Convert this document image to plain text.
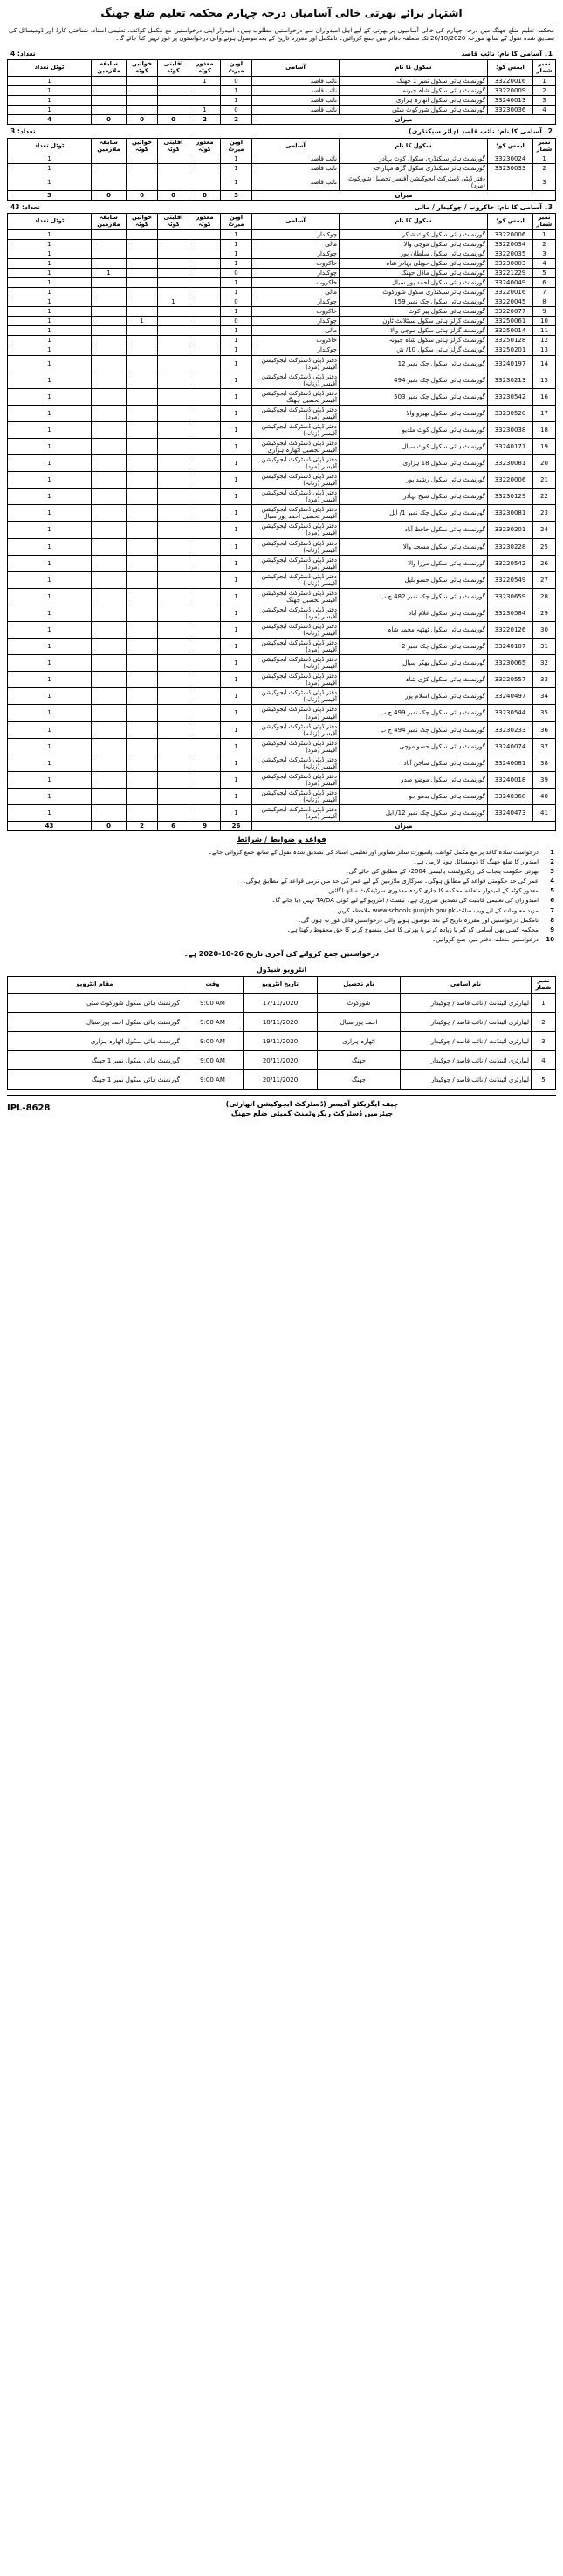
اشتہار برائے بھرتی خالی آسامیاں درجہ چہارم محکمہ تعلیم ضلع جھنگ
محکمہ تعلیم ضلع جھنگ میں درجہ چہارم کی خالی آسامیوں پر بھرتی کے لیے اہل امیدواران سے درخواستیں مطلوب ہیں۔ امیدوار اپنی درخواستیں مع مکمل کوائف، تعلیمی اسناد، شناختی کارڈ اور ڈومیسائل کی تصدیق شدہ نقول کے ساتھ مورخہ 26/10/2020 تک متعلقہ دفاتر میں جمع کروائیں۔ نامکمل اور مقررہ تاریخ کے بعد موصول ہونے والی درخواستوں پر غور نہیں کیا جائے گا۔
1۔ آسامی کا نام: نائب قاصد
تعداد: 4
نمبر شمار	ایمس کوڈ	سکول کا نام	آسامی	اوپن میرٹ	معذور کوٹہ	اقلیتی کوٹہ	خواتین کوٹہ	سابقہ ملازمین	ٹوٹل تعداد
1	33220016	گورنمنٹ ہائی سکول نمبر 1 جھنگ	نائب قاصد	0	1				1
2	33220009	گورنمنٹ ہائی سکول شاہ جیونہ	نائب قاصد	1					1
3	33240013	گورنمنٹ ہائی سکول اٹھارہ ہزاری	نائب قاصد	1					1
4	33230036	گورنمنٹ ہائی سکول شورکوٹ سٹی	نائب قاصد	0	1				1
میزان				2	2	0	0	0	4
2۔ آسامی کا نام: نائب قاصد (ہائر سیکنڈری)
تعداد: 3
نمبر شمار	ایمس کوڈ	سکول کا نام	آسامی	اوپن میرٹ	معذور کوٹہ	اقلیتی کوٹہ	خواتین کوٹہ	سابقہ ملازمین	ٹوٹل تعداد
1	33230024	گورنمنٹ ہائر سیکنڈری سکول کوٹ بہادر	نائب قاصد	1					1
2	33230033	گورنمنٹ ہائر سیکنڈری سکول گڑھ مہاراجہ	نائب قاصد	1					1
3		دفتر ڈپٹی ڈسٹرکٹ ایجوکیشن آفیسر تحصیل شورکوٹ (مرد)	نائب قاصد	1					1
میزان				3	0	0	0	0	3
3۔ آسامی کا نام: خاکروب / چوکیدار / مالی
تعداد: 43
نمبر شمار	ایمس کوڈ	سکول کا نام	آسامی	اوپن میرٹ	معذور کوٹہ	اقلیتی کوٹہ	خواتین کوٹہ	سابقہ ملازمین	ٹوٹل تعداد
1	33220006	گورنمنٹ ہائی سکول کوٹ شاکر	چوکیدار	1					1
2	33220034	گورنمنٹ ہائی سکول موچی والا	مالی	1					1
3	33220035	گورنمنٹ ہائی سکول سلطان پور	چوکیدار	1					1
4	33230003	گورنمنٹ ہائی سکول حویلی بہادر شاہ	خاکروب	1					1
5	33221229	گورنمنٹ ہائی سکول ماڈل جھنگ	چوکیدار	0				1	1
6	33240049	گورنمنٹ ہائی سکول احمد پور سیال	خاکروب	1					1
7	33220016	گورنمنٹ ہائر سیکنڈری سکول شورکوٹ	مالی	1					1
8	33220045	گورنمنٹ ہائی سکول چک نمبر 159	چوکیدار	0		1			1
9	33220077	گورنمنٹ ہائی سکول پیر کوٹ	خاکروب	1					1
10	33250061	گورنمنٹ گرلز ہائی سکول سیٹلائٹ ٹاؤن	چوکیدار	0			1		1
11	33250014	گورنمنٹ گرلز ہائی سکول موچی والا	مالی	1					1
12	33250128	گورنمنٹ گرلز ہائی سکول شاہ جیونہ	خاکروب	1					1
13	33250201	گورنمنٹ گرلز ہائی سکول 10/ ش	چوکیدار	1					1
14	33240197	گورنمنٹ ہائی سکول چک نمبر 12	دفتر ڈپٹی ڈسٹرکٹ ایجوکیشن آفیسر (مرد)	1					1
15	33230213	گورنمنٹ ہائی سکول چک نمبر 494	دفتر ڈپٹی ڈسٹرکٹ ایجوکیشن آفیسر (زنانہ)	1					1
16	33230542	گورنمنٹ ہائی سکول چک نمبر 503	دفتر ڈپٹی ڈسٹرکٹ ایجوکیشن آفیسر تحصیل جھنگ	1					1
17	33230520	گورنمنٹ ہائی سکول بھیرو والا	دفتر ڈپٹی ڈسٹرکٹ ایجوکیشن آفیسر (مرد)	1					1
18	33230038	گورنمنٹ ہائی سکول کوٹ ملدیو	دفتر ڈپٹی ڈسٹرکٹ ایجوکیشن آفیسر (زنانہ)	1					1
19	33240171	گورنمنٹ ہائی سکول کوٹ سیال	دفتر ڈپٹی ڈسٹرکٹ ایجوکیشن آفیسر تحصیل اٹھارہ ہزاری	1					1
20	33230081	گورنمنٹ ہائی سکول 18 ہزاری	دفتر ڈپٹی ڈسٹرکٹ ایجوکیشن آفیسر (مرد)	1					1
21	33220006	گورنمنٹ ہائی سکول رشید پور	دفتر ڈپٹی ڈسٹرکٹ ایجوکیشن آفیسر (زنانہ)	1					1
22	33230129	گورنمنٹ ہائی سکول شیخ بہادر	دفتر ڈپٹی ڈسٹرکٹ ایجوکیشن آفیسر (مرد)	1					1
23	33230081	گورنمنٹ ہائی سکول چک نمبر 1/ ایل	دفتر ڈپٹی ڈسٹرکٹ ایجوکیشن آفیسر تحصیل احمد پور سیال	1					1
24	33230201	گورنمنٹ ہائی سکول حافظ آباد	دفتر ڈپٹی ڈسٹرکٹ ایجوکیشن آفیسر (مرد)	1					1
25	33230228	گورنمنٹ ہائی سکول مسجد والا	دفتر ڈپٹی ڈسٹرکٹ ایجوکیشن آفیسر (زنانہ)	1					1
26	33220542	گورنمنٹ ہائی سکول مرزا والا	دفتر ڈپٹی ڈسٹرکٹ ایجوکیشن آفیسر (مرد)	1					1
27	33220549	گورنمنٹ ہائی سکول حسو بلیل	دفتر ڈپٹی ڈسٹرکٹ ایجوکیشن آفیسر (زنانہ)	1					1
28	33230659	گورنمنٹ ہائی سکول چک نمبر 482 ج ب	دفتر ڈپٹی ڈسٹرکٹ ایجوکیشن آفیسر تحصیل جھنگ	1					1
29	33230584	گورنمنٹ ہائی سکول غلام آباد	دفتر ڈپٹی ڈسٹرکٹ ایجوکیشن آفیسر (مرد)	1					1
30	33220126	گورنمنٹ ہائی سکول ٹھٹھہ محمد شاہ	دفتر ڈپٹی ڈسٹرکٹ ایجوکیشن آفیسر (زنانہ)	1					1
31	33240107	گورنمنٹ ہائی سکول چک نمبر 2	دفتر ڈپٹی ڈسٹرکٹ ایجوکیشن آفیسر (مرد)	1					1
32	33230065	گورنمنٹ ہائی سکول بھکر سیال	دفتر ڈپٹی ڈسٹرکٹ ایجوکیشن آفیسر (زنانہ)	1					1
33	33220557	گورنمنٹ ہائی سکول کڑی شاہ	دفتر ڈپٹی ڈسٹرکٹ ایجوکیشن آفیسر (مرد)	1					1
34	33240497	گورنمنٹ ہائی سکول اسلام پور	دفتر ڈپٹی ڈسٹرکٹ ایجوکیشن آفیسر (زنانہ)	1					1
35	33230544	گورنمنٹ ہائی سکول چک نمبر 499 ج ب	دفتر ڈپٹی ڈسٹرکٹ ایجوکیشن آفیسر (مرد)	1					1
36	33230233	گورنمنٹ ہائی سکول چک نمبر 494 ج ب	دفتر ڈپٹی ڈسٹرکٹ ایجوکیشن آفیسر (زنانہ)	1					1
37	33240074	گورنمنٹ ہائی سکول حسو موچی	دفتر ڈپٹی ڈسٹرکٹ ایجوکیشن آفیسر (مرد)	1					1
38	33240081	گورنمنٹ ہائی سکول ساجن آباد	دفتر ڈپٹی ڈسٹرکٹ ایجوکیشن آفیسر (زنانہ)	1					1
39	33240018	گورنمنٹ ہائی سکول موضع صدو	دفتر ڈپٹی ڈسٹرکٹ ایجوکیشن آفیسر (مرد)	1					1
40	33240368	گورنمنٹ ہائی سکول بدھو جو	دفتر ڈپٹی ڈسٹرکٹ ایجوکیشن آفیسر (زنانہ)	1					1
41	33240473	گورنمنٹ ہائی سکول چک نمبر 12/ ایل	دفتر ڈپٹی ڈسٹرکٹ ایجوکیشن آفیسر (مرد)	1					1
میزان				26	9	6	2	0	43
قواعد و ضوابط / شرائط
1
درخواست سادہ کاغذ پر مع مکمل کوائف، پاسپورٹ سائز تصاویر اور تعلیمی اسناد کی تصدیق شدہ نقول کے ساتھ جمع کروائی جائے۔
2
امیدوار کا ضلع جھنگ کا ڈومیسائل ہونا لازمی ہے۔
3
بھرتی حکومت پنجاب کی ریکروٹمنٹ پالیسی 2004ء کے مطابق کی جائے گی۔
4
عمر کی حد حکومتی قواعد کے مطابق ہوگی۔ سرکاری ملازمین کے لیے عمر کی حد میں نرمی قواعد کے مطابق ہوگی۔
5
معذور کوٹہ کے امیدوار متعلقہ محکمہ کا جاری کردہ معذوری سرٹیفکیٹ ساتھ لگائیں۔
6
امیدواران کی تعلیمی قابلیت کی تصدیق ضروری ہے۔ ٹیسٹ / انٹرویو کے لیے کوئی TA/DA نہیں دیا جائے گا۔
7
مزید معلومات کے لیے ویب سائٹ www.schools.punjab.gov.pk ملاحظہ کریں۔
8
نامکمل درخواستیں اور مقررہ تاریخ کے بعد موصول ہونے والی درخواستیں قابل غور نہ ہوں گی۔
9
محکمہ کسی بھی آسامی کو کم یا زیادہ کرنے یا بھرتی کا عمل منسوخ کرنے کا حق محفوظ رکھتا ہے۔
10
درخواستیں متعلقہ دفتر میں جمع کروائیں۔
درخواستیں جمع کروانے کی آخری تاریخ 26-10-2020 ہے۔
انٹرویو شیڈول
نمبر شمار	نام آسامی	نام تحصیل	تاریخ انٹرویو	وقت	مقام انٹرویو
1	لیبارٹری اٹینڈنٹ / نائب قاصد / چوکیدار	شورکوٹ	17/11/2020	9:00 AM	گورنمنٹ ہائی سکول شورکوٹ سٹی
2	لیبارٹری اٹینڈنٹ / نائب قاصد / چوکیدار	احمد پور سیال	18/11/2020	9:00 AM	گورنمنٹ ہائی سکول احمد پور سیال
3	لیبارٹری اٹینڈنٹ / نائب قاصد / چوکیدار	اٹھارہ ہزاری	19/11/2020	9:00 AM	گورنمنٹ ہائی سکول اٹھارہ ہزاری
4	لیبارٹری اٹینڈنٹ / نائب قاصد / چوکیدار	جھنگ	20/11/2020	9:00 AM	گورنمنٹ ہائی سکول نمبر 1 جھنگ
5	لیبارٹری اٹینڈنٹ / نائب قاصد / چوکیدار	جھنگ	20/11/2020	9:00 AM	گورنمنٹ ہائی سکول نمبر 1 جھنگ
IPL-8628	چیف ایگزیکٹو آفیسر (ڈسٹرکٹ ایجوکیشن اتھارٹی)
چیئرمین ڈسٹرکٹ ریکروٹمنٹ کمیٹی ضلع جھنگ
